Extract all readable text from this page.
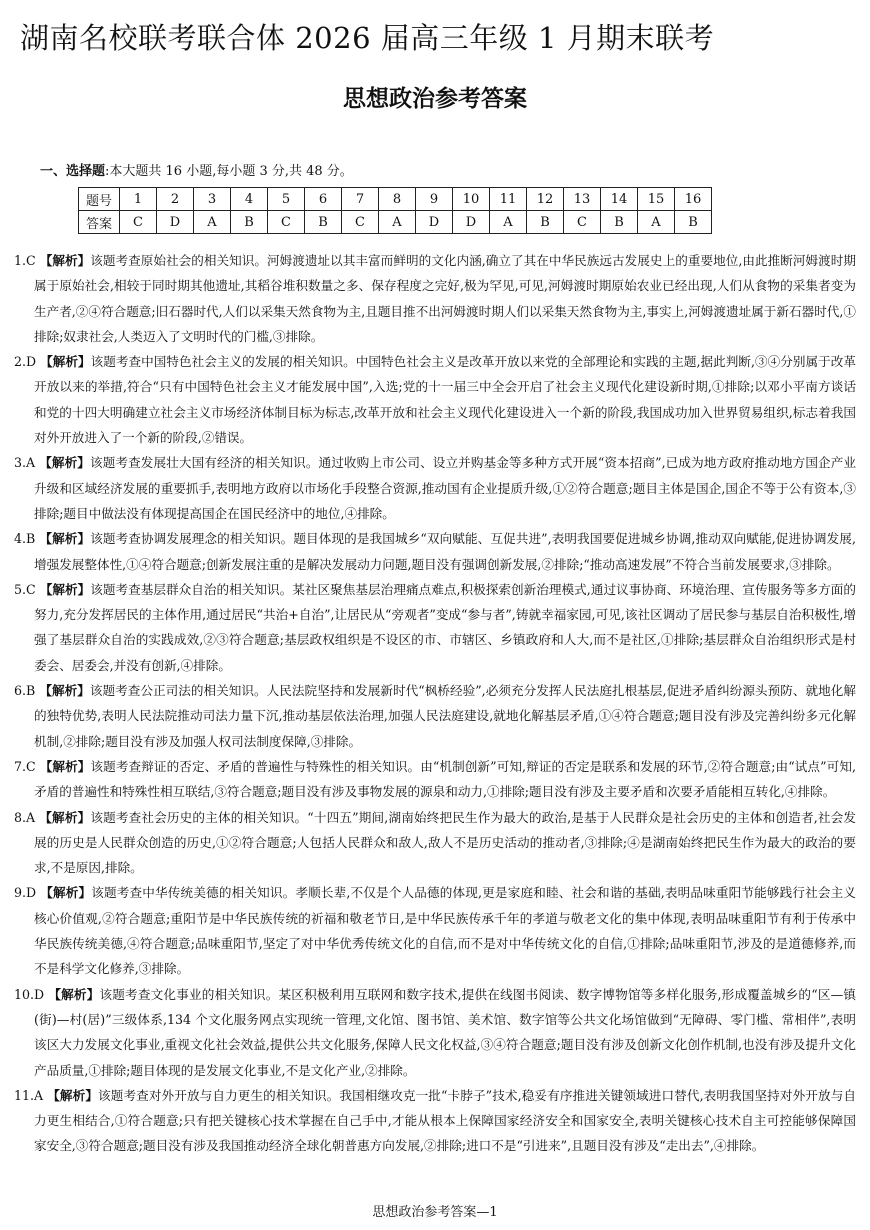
湖南名校联考联合体 2026 届高三年级 1 月期末联考
思想政治参考答案
一、选择题:本大题共 16 小题,每小题 3 分,共 48 分。
题号	1	2	3	4	5	6	7	8	9	10	11	12	13	14	15	16
答案	C	D	A	B	C	B	C	A	D	D	A	B	C	B	A	B
1.C 【解析】该题考查原始社会的相关知识。河姆渡遗址以其丰富而鲜明的文化内涵,确立了其在中华民族远古发展史上的重要地位,由此推断河姆渡时期属于原始社会,相较于同时期其他遗址,其稻谷堆积数量之多、保存程度之完好,极为罕见,可见,河姆渡时期原始农业已经出现,人们从食物的采集者变为生产者,②④符合题意;旧石器时代,人们以采集天然食物为主,且题目推不出河姆渡时期人们以采集天然食物为主,事实上,河姆渡遗址属于新石器时代,①排除;奴隶社会,人类迈入了文明时代的门槛,③排除。
2.D 【解析】该题考查中国特色社会主义的发展的相关知识。中国特色社会主义是改革开放以来党的全部理论和实践的主题,据此判断,③④分别属于改革开放以来的举措,符合“只有中国特色社会主义才能发展中国”,入选;党的十一届三中全会开启了社会主义现代化建设新时期,①排除;以邓小平南方谈话和党的十四大明确建立社会主义市场经济体制目标为标志,改革开放和社会主义现代化建设进入一个新的阶段,我国成功加入世界贸易组织,标志着我国对外开放进入了一个新的阶段,②错误。
3.A 【解析】该题考查发展壮大国有经济的相关知识。通过收购上市公司、设立并购基金等多种方式开展“资本招商”,已成为地方政府推动地方国企产业升级和区域经济发展的重要抓手,表明地方政府以市场化手段整合资源,推动国有企业提质升级,①②符合题意;题目主体是国企,国企不等于公有资本,③排除;题目中做法没有体现提高国企在国民经济中的地位,④排除。
4.B 【解析】该题考查协调发展理念的相关知识。题目体现的是我国城乡“双向赋能、互促共进”,表明我国要促进城乡协调,推动双向赋能,促进协调发展,增强发展整体性,①④符合题意;创新发展注重的是解决发展动力问题,题目没有强调创新发展,②排除;“推动高速发展”不符合当前发展要求,③排除。
5.C 【解析】该题考查基层群众自治的相关知识。某社区聚焦基层治理痛点难点,积极探索创新治理模式,通过议事协商、环境治理、宣传服务等多方面的努力,充分发挥居民的主体作用,通过居民“共治+自治”,让居民从“旁观者”变成“参与者”,铸就幸福家园,可见,该社区调动了居民参与基层自治积极性,增强了基层群众自治的实践成效,②③符合题意;基层政权组织是不设区的市、市辖区、乡镇政府和人大,而不是社区,①排除;基层群众自治组织形式是村委会、居委会,并没有创新,④排除。
6.B 【解析】该题考查公正司法的相关知识。人民法院坚持和发展新时代“枫桥经验”,必须充分发挥人民法庭扎根基层,促进矛盾纠纷源头预防、就地化解的独特优势,表明人民法院推动司法力量下沉,推动基层依法治理,加强人民法庭建设,就地化解基层矛盾,①④符合题意;题目没有涉及完善纠纷多元化解机制,②排除;题目没有涉及加强人权司法制度保障,③排除。
7.C 【解析】该题考查辩证的否定、矛盾的普遍性与特殊性的相关知识。由“机制创新”可知,辩证的否定是联系和发展的环节,②符合题意;由“试点”可知,矛盾的普遍性和特殊性相互联结,③符合题意;题目没有涉及事物发展的源泉和动力,①排除;题目没有涉及主要矛盾和次要矛盾能相互转化,④排除。
8.A 【解析】该题考查社会历史的主体的相关知识。“十四五”期间,湖南始终把民生作为最大的政治,是基于人民群众是社会历史的主体和创造者,社会发展的历史是人民群众创造的历史,①②符合题意;人包括人民群众和敌人,敌人不是历史活动的推动者,③排除;④是湖南始终把民生作为最大的政治的要求,不是原因,排除。
9.D 【解析】该题考查中华传统美德的相关知识。孝顺长辈,不仅是个人品德的体现,更是家庭和睦、社会和谐的基础,表明品味重阳节能够践行社会主义核心价值观,②符合题意;重阳节是中华民族传统的祈福和敬老节日,是中华民族传承千年的孝道与敬老文化的集中体现,表明品味重阳节有利于传承中华民族传统美德,④符合题意;品味重阳节,坚定了对中华优秀传统文化的自信,而不是对中华传统文化的自信,①排除;品味重阳节,涉及的是道德修养,而不是科学文化修养,③排除。
10.D 【解析】该题考查文化事业的相关知识。某区积极利用互联网和数字技术,提供在线图书阅读、数字博物馆等多样化服务,形成覆盖城乡的“区—镇(街)—村(居)”三级体系,134 个文化服务网点实现统一管理,文化馆、图书馆、美术馆、数字馆等公共文化场馆做到“无障碍、零门槛、常相伴”,表明该区大力发展文化事业,重视文化社会效益,提供公共文化服务,保障人民文化权益,③④符合题意;题目没有涉及创新文化创作机制,也没有涉及提升文化产品质量,①排除;题目体现的是发展文化事业,不是文化产业,②排除。
11.A 【解析】该题考查对外开放与自力更生的相关知识。我国相继攻克一批“卡脖子”技术,稳妥有序推进关键领域进口替代,表明我国坚持对外开放与自力更生相结合,①符合题意;只有把关键核心技术掌握在自己手中,才能从根本上保障国家经济安全和国家安全,表明关键核心技术自主可控能够保障国家安全,③符合题意;题目没有涉及我国推动经济全球化朝普惠方向发展,②排除;进口不是“引进来”,且题目没有涉及“走出去”,④排除。
思想政治参考答案—1
